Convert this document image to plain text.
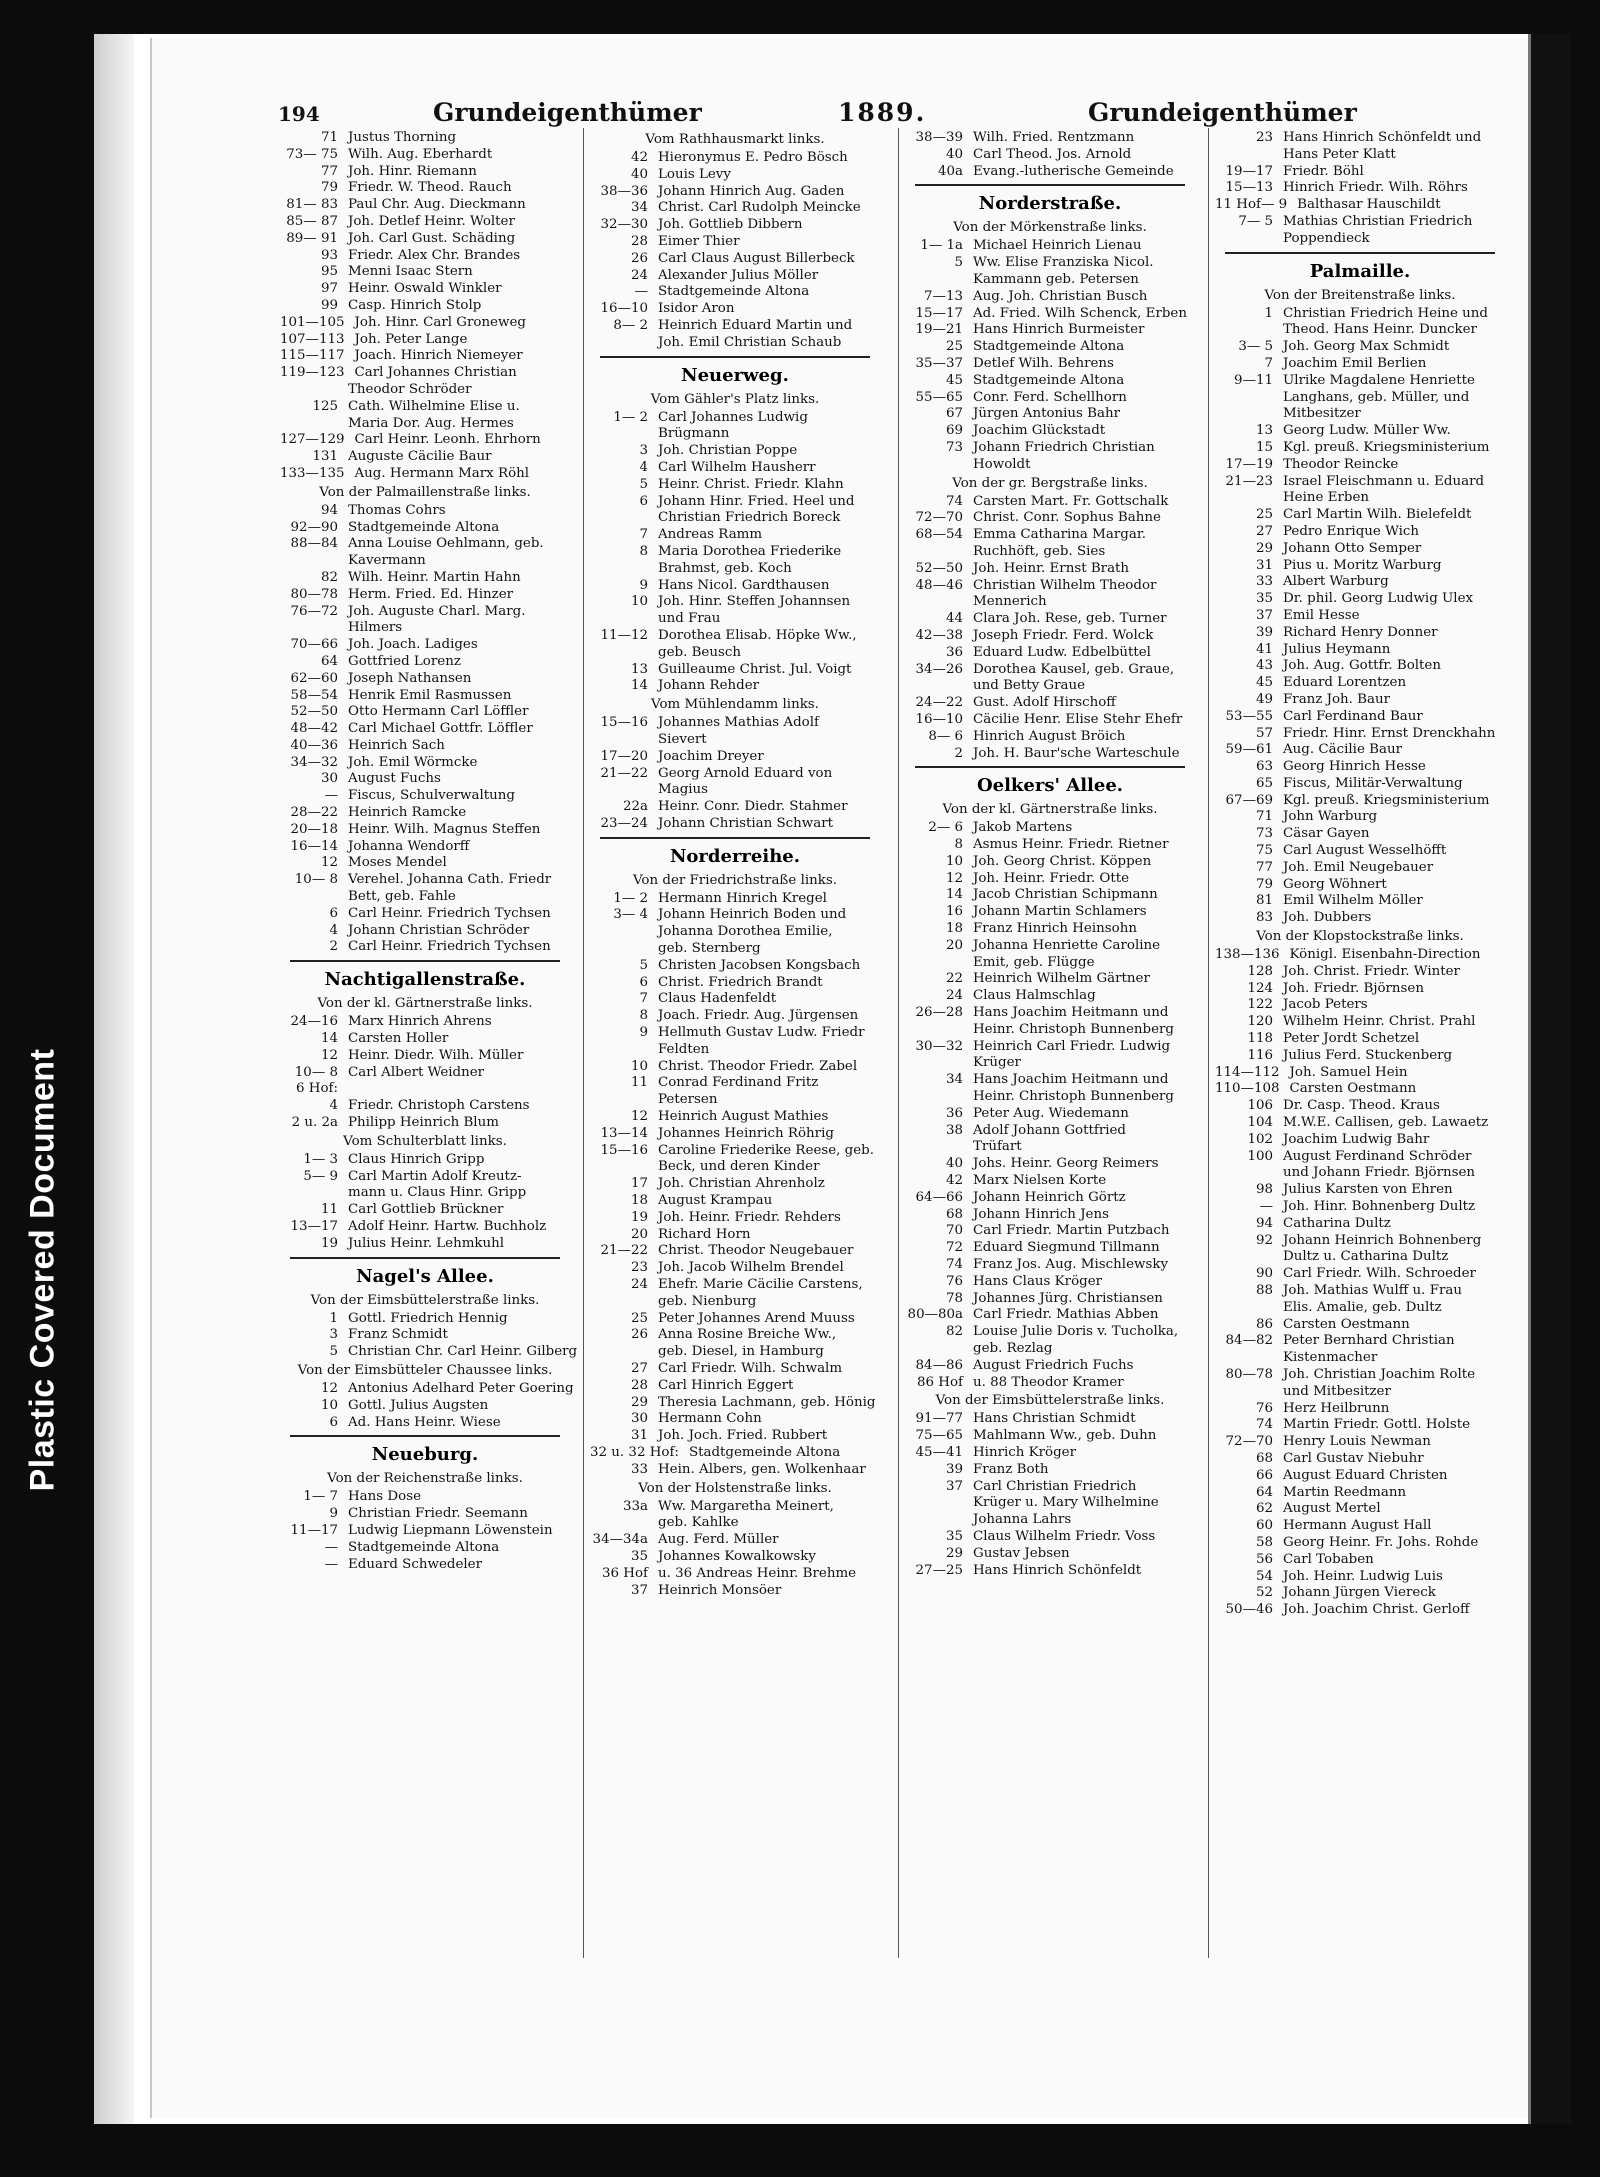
Plastic Covered Document
194	Grundeigenthümer	1889.	Grundeigenthümer
71 Justus Thorning
73— 75 Wilh. Aug. Eberhardt
77 Joh. Hinr. Riemann
79 Friedr. W. Theod. Rauch
81— 83 Paul Chr. Aug. Dieckmann
85— 87 Joh. Detlef Heinr. Wolter
89— 91 Joh. Carl Gust. Schäding
93 Friedr. Alex Chr. Brandes
95 Menni Isaac Stern
97 Heinr. Oswald Winkler
99 Casp. Hinrich Stolp
101—105 Joh. Hinr. Carl Groneweg
107—113 Joh. Peter Lange
115—117 Joach. Hinrich Niemeyer
119—123 Carl Johannes Christian
Theodor Schröder
125 Cath. Wilhelmine Elise u.
Maria Dor. Aug. Hermes
127—129 Carl Heinr. Leonh. Ehrhorn
131 Auguste Cäcilie Baur
133—135 Aug. Hermann Marx Röhl
Von der Palmaillenstraße links.
94 Thomas Cohrs
92—90 Stadtgemeinde Altona
88—84 Anna Louise Oehlmann, geb.
Kavermann
82 Wilh. Heinr. Martin Hahn
80—78 Herm. Fried. Ed. Hinzer
76—72 Joh. Auguste Charl. Marg.
Hilmers
70—66 Joh. Joach. Ladiges
64 Gottfried Lorenz
62—60 Joseph Nathansen
58—54 Henrik Emil Rasmussen
52—50 Otto Hermann Carl Löffler
48—42 Carl Michael Gottfr. Löffler
40—36 Heinrich Sach
34—32 Joh. Emil Wörmcke
30 August Fuchs
— Fiscus, Schulverwaltung
28—22 Heinrich Ramcke
20—18 Heinr. Wilh. Magnus Steffen
16—14 Johanna Wendorff
12 Moses Mendel
10— 8 Verehel. Johanna Cath. Friedr
Bett, geb. Fahle
6 Carl Heinr. Friedrich Tychsen
4 Johann Christian Schröder
2 Carl Heinr. Friedrich Tychsen
Nachtigallenstraße.
Von der kl. Gärtnerstraße links.
24—16 Marx Hinrich Ahrens
14 Carsten Holler
12 Heinr. Diedr. Wilh. Müller
10— 8 Carl Albert Weidner
6 Hof:
4 Friedr. Christoph Carstens
2 u. 2a Philipp Heinrich Blum
Vom Schulterblatt links.
1— 3 Claus Hinrich Gripp
5— 9 Carl Martin Adolf Kreutz-
mann u. Claus Hinr. Gripp
11 Carl Gottlieb Brückner
13—17 Adolf Heinr. Hartw. Buchholz
19 Julius Heinr. Lehmkuhl
Nagel's Allee.
Von der Eimsbüttelerstraße links.
1 Gottl. Friedrich Hennig
3 Franz Schmidt
5 Christian Chr. Carl Heinr. Gilberg
Von der Eimsbütteler Chaussee links.
12 Antonius Adelhard Peter Goering
10 Gottl. Julius Augsten
6 Ad. Hans Heinr. Wiese
Neueburg.
Von der Reichenstraße links.
1— 7 Hans Dose
9 Christian Friedr. Seemann
11—17 Ludwig Liepmann Löwenstein
— Stadtgemeinde Altona
— Eduard Schwedeler
Vom Rathhausmarkt links.
42 Hieronymus E. Pedro Bösch
40 Louis Levy
38—36 Johann Hinrich Aug. Gaden
34 Christ. Carl Rudolph Meincke
32—30 Joh. Gottlieb Dibbern
28 Eimer Thier
26 Carl Claus August Billerbeck
24 Alexander Julius Möller
— Stadtgemeinde Altona
16—10 Isidor Aron
8— 2 Heinrich Eduard Martin und
Joh. Emil Christian Schaub
Neuerweg.
Vom Gähler's Platz links.
1— 2 Carl Johannes Ludwig
Brügmann
3 Joh. Christian Poppe
4 Carl Wilhelm Hausherr
5 Heinr. Christ. Friedr. Klahn
6 Johann Hinr. Fried. Heel und
Christian Friedrich Boreck
7 Andreas Ramm
8 Maria Dorothea Friederike
Brahmst, geb. Koch
9 Hans Nicol. Gardthausen
10 Joh. Hinr. Steffen Johannsen
und Frau
11—12 Dorothea Elisab. Höpke Ww.,
geb. Beusch
13 Guilleaume Christ. Jul. Voigt
14 Johann Rehder
Vom Mühlendamm links.
15—16 Johannes Mathias Adolf
Sievert
17—20 Joachim Dreyer
21—22 Georg Arnold Eduard von
Magius
22a Heinr. Conr. Diedr. Stahmer
23—24 Johann Christian Schwart
Norderreihe.
Von der Friedrichstraße links.
1— 2 Hermann Hinrich Kregel
3— 4 Johann Heinrich Boden und
Johanna Dorothea Emilie,
geb. Sternberg
5 Christen Jacobsen Kongsbach
6 Christ. Friedrich Brandt
7 Claus Hadenfeldt
8 Joach. Friedr. Aug. Jürgensen
9 Hellmuth Gustav Ludw. Friedr
Feldten
10 Christ. Theodor Friedr. Zabel
11 Conrad Ferdinand Fritz
Petersen
12 Heinrich August Mathies
13—14 Johannes Heinrich Röhrig
15—16 Caroline Friederike Reese, geb.
Beck, und deren Kinder
17 Joh. Christian Ahrenholz
18 August Krampau
19 Joh. Heinr. Friedr. Rehders
20 Richard Horn
21—22 Christ. Theodor Neugebauer
23 Joh. Jacob Wilhelm Brendel
24 Ehefr. Marie Cäcilie Carstens,
geb. Nienburg
25 Peter Johannes Arend Muuss
26 Anna Rosine Breiche Ww.,
geb. Diesel, in Hamburg
27 Carl Friedr. Wilh. Schwalm
28 Carl Hinrich Eggert
29 Theresia Lachmann, geb. Hönig
30 Hermann Cohn
31 Joh. Joch. Fried. Rubbert
32 u. 32 Hof: Stadtgemeinde Altona
33 Hein. Albers, gen. Wolkenhaar
Von der Holstenstraße links.
33a Ww. Margaretha Meinert,
geb. Kahlke
34—34a Aug. Ferd. Müller
35 Johannes Kowalkowsky
36 Hof u. 36 Andreas Heinr. Brehme
37 Heinrich Monsöer
38—39 Wilh. Fried. Rentzmann
40 Carl Theod. Jos. Arnold
40a Evang.-lutherische Gemeinde
Norderstraße.
Von der Mörkenstraße links.
1— 1a Michael Heinrich Lienau
5 Ww. Elise Franziska Nicol.
Kammann geb. Petersen
7—13 Aug. Joh. Christian Busch
15—17 Ad. Fried. Wilh Schenck, Erben
19—21 Hans Hinrich Burmeister
25 Stadtgemeinde Altona
35—37 Detlef Wilh. Behrens
45 Stadtgemeinde Altona
55—65 Conr. Ferd. Schellhorn
67 Jürgen Antonius Bahr
69 Joachim Glückstadt
73 Johann Friedrich Christian
Howoldt
Von der gr. Bergstraße links.
74 Carsten Mart. Fr. Gottschalk
72—70 Christ. Conr. Sophus Bahne
68—54 Emma Catharina Margar.
Ruchhöft, geb. Sies
52—50 Joh. Heinr. Ernst Brath
48—46 Christian Wilhelm Theodor
Mennerich
44 Clara Joh. Rese, geb. Turner
42—38 Joseph Friedr. Ferd. Wolck
36 Eduard Ludw. Edbelbüttel
34—26 Dorothea Kausel, geb. Graue,
und Betty Graue
24—22 Gust. Adolf Hirschoff
16—10 Cäcilie Henr. Elise Stehr Ehefr
8— 6 Hinrich August Bröich
2 Joh. H. Baur'sche Warteschule
Oelkers' Allee.
Von der kl. Gärtnerstraße links.
2— 6 Jakob Martens
8 Asmus Heinr. Friedr. Rietner
10 Joh. Georg Christ. Köppen
12 Joh. Heinr. Friedr. Otte
14 Jacob Christian Schipmann
16 Johann Martin Schlamers
18 Franz Hinrich Heinsohn
20 Johanna Henriette Caroline
Emit, geb. Flügge
22 Heinrich Wilhelm Gärtner
24 Claus Halmschlag
26—28 Hans Joachim Heitmann und
Heinr. Christoph Bunnenberg
30—32 Heinrich Carl Friedr. Ludwig
Krüger
34 Hans Joachim Heitmann und
Heinr. Christoph Bunnenberg
36 Peter Aug. Wiedemann
38 Adolf Johann Gottfried
Trüfart
40 Johs. Heinr. Georg Reimers
42 Marx Nielsen Korte
64—66 Johann Heinrich Görtz
68 Johann Hinrich Jens
70 Carl Friedr. Martin Putzbach
72 Eduard Siegmund Tillmann
74 Franz Jos. Aug. Mischlewsky
76 Hans Claus Kröger
78 Johannes Jürg. Christiansen
80—80a Carl Friedr. Mathias Abben
82 Louise Julie Doris v. Tucholka,
geb. Rezlag
84—86 August Friedrich Fuchs
86 Hof u. 88 Theodor Kramer
Von der Eimsbüttelerstraße links.
91—77 Hans Christian Schmidt
75—65 Mahlmann Ww., geb. Duhn
45—41 Hinrich Kröger
39 Franz Both
37 Carl Christian Friedrich
Krüger u. Mary Wilhelmine
Johanna Lahrs
35 Claus Wilhelm Friedr. Voss
29 Gustav Jebsen
27—25 Hans Hinrich Schönfeldt
23 Hans Hinrich Schönfeldt und
Hans Peter Klatt
19—17 Friedr. Böhl
15—13 Hinrich Friedr. Wilh. Röhrs
11 Hof— 9 Balthasar Hauschildt
7— 5 Mathias Christian Friedrich
Poppendieck
Palmaille.
Von der Breitenstraße links.
1 Christian Friedrich Heine und
Theod. Hans Heinr. Duncker
3— 5 Joh. Georg Max Schmidt
7 Joachim Emil Berlien
9—11 Ulrike Magdalene Henriette
Langhans, geb. Müller, und
Mitbesitzer
13 Georg Ludw. Müller Ww.
15 Kgl. preuß. Kriegsministerium
17—19 Theodor Reincke
21—23 Israel Fleischmann u. Eduard
Heine Erben
25 Carl Martin Wilh. Bielefeldt
27 Pedro Enrique Wich
29 Johann Otto Semper
31 Pius u. Moritz Warburg
33 Albert Warburg
35 Dr. phil. Georg Ludwig Ulex
37 Emil Hesse
39 Richard Henry Donner
41 Julius Heymann
43 Joh. Aug. Gottfr. Bolten
45 Eduard Lorentzen
49 Franz Joh. Baur
53—55 Carl Ferdinand Baur
57 Friedr. Hinr. Ernst Drenckhahn
59—61 Aug. Cäcilie Baur
63 Georg Hinrich Hesse
65 Fiscus, Militär-Verwaltung
67—69 Kgl. preuß. Kriegsministerium
71 John Warburg
73 Cäsar Gayen
75 Carl August Wesselhöfft
77 Joh. Emil Neugebauer
79 Georg Wöhnert
81 Emil Wilhelm Möller
83 Joh. Dubbers
Von der Klopstockstraße links.
138—136 Königl. Eisenbahn-Direction
128 Joh. Christ. Friedr. Winter
124 Joh. Friedr. Björnsen
122 Jacob Peters
120 Wilhelm Heinr. Christ. Prahl
118 Peter Jordt Schetzel
116 Julius Ferd. Stuckenberg
114—112 Joh. Samuel Hein
110—108 Carsten Oestmann
106 Dr. Casp. Theod. Kraus
104 M.W.E. Callisen, geb. Lawaetz
102 Joachim Ludwig Bahr
100 August Ferdinand Schröder
und Johann Friedr. Björnsen
98 Julius Karsten von Ehren
— Joh. Hinr. Bohnenberg Dultz
94 Catharina Dultz
92 Johann Heinrich Bohnenberg
Dultz u. Catharina Dultz
90 Carl Friedr. Wilh. Schroeder
88 Joh. Mathias Wulff u. Frau
Elis. Amalie, geb. Dultz
86 Carsten Oestmann
84—82 Peter Bernhard Christian
Kistenmacher
80—78 Joh. Christian Joachim Rolte
und Mitbesitzer
76 Herz Heilbrunn
74 Martin Friedr. Gottl. Holste
72—70 Henry Louis Newman
68 Carl Gustav Niebuhr
66 August Eduard Christen
64 Martin Reedmann
62 August Mertel
60 Hermann August Hall
58 Georg Heinr. Fr. Johs. Rohde
56 Carl Tobaben
54 Joh. Heinr. Ludwig Luis
52 Johann Jürgen Viereck
50—46 Joh. Joachim Christ. Gerloff
